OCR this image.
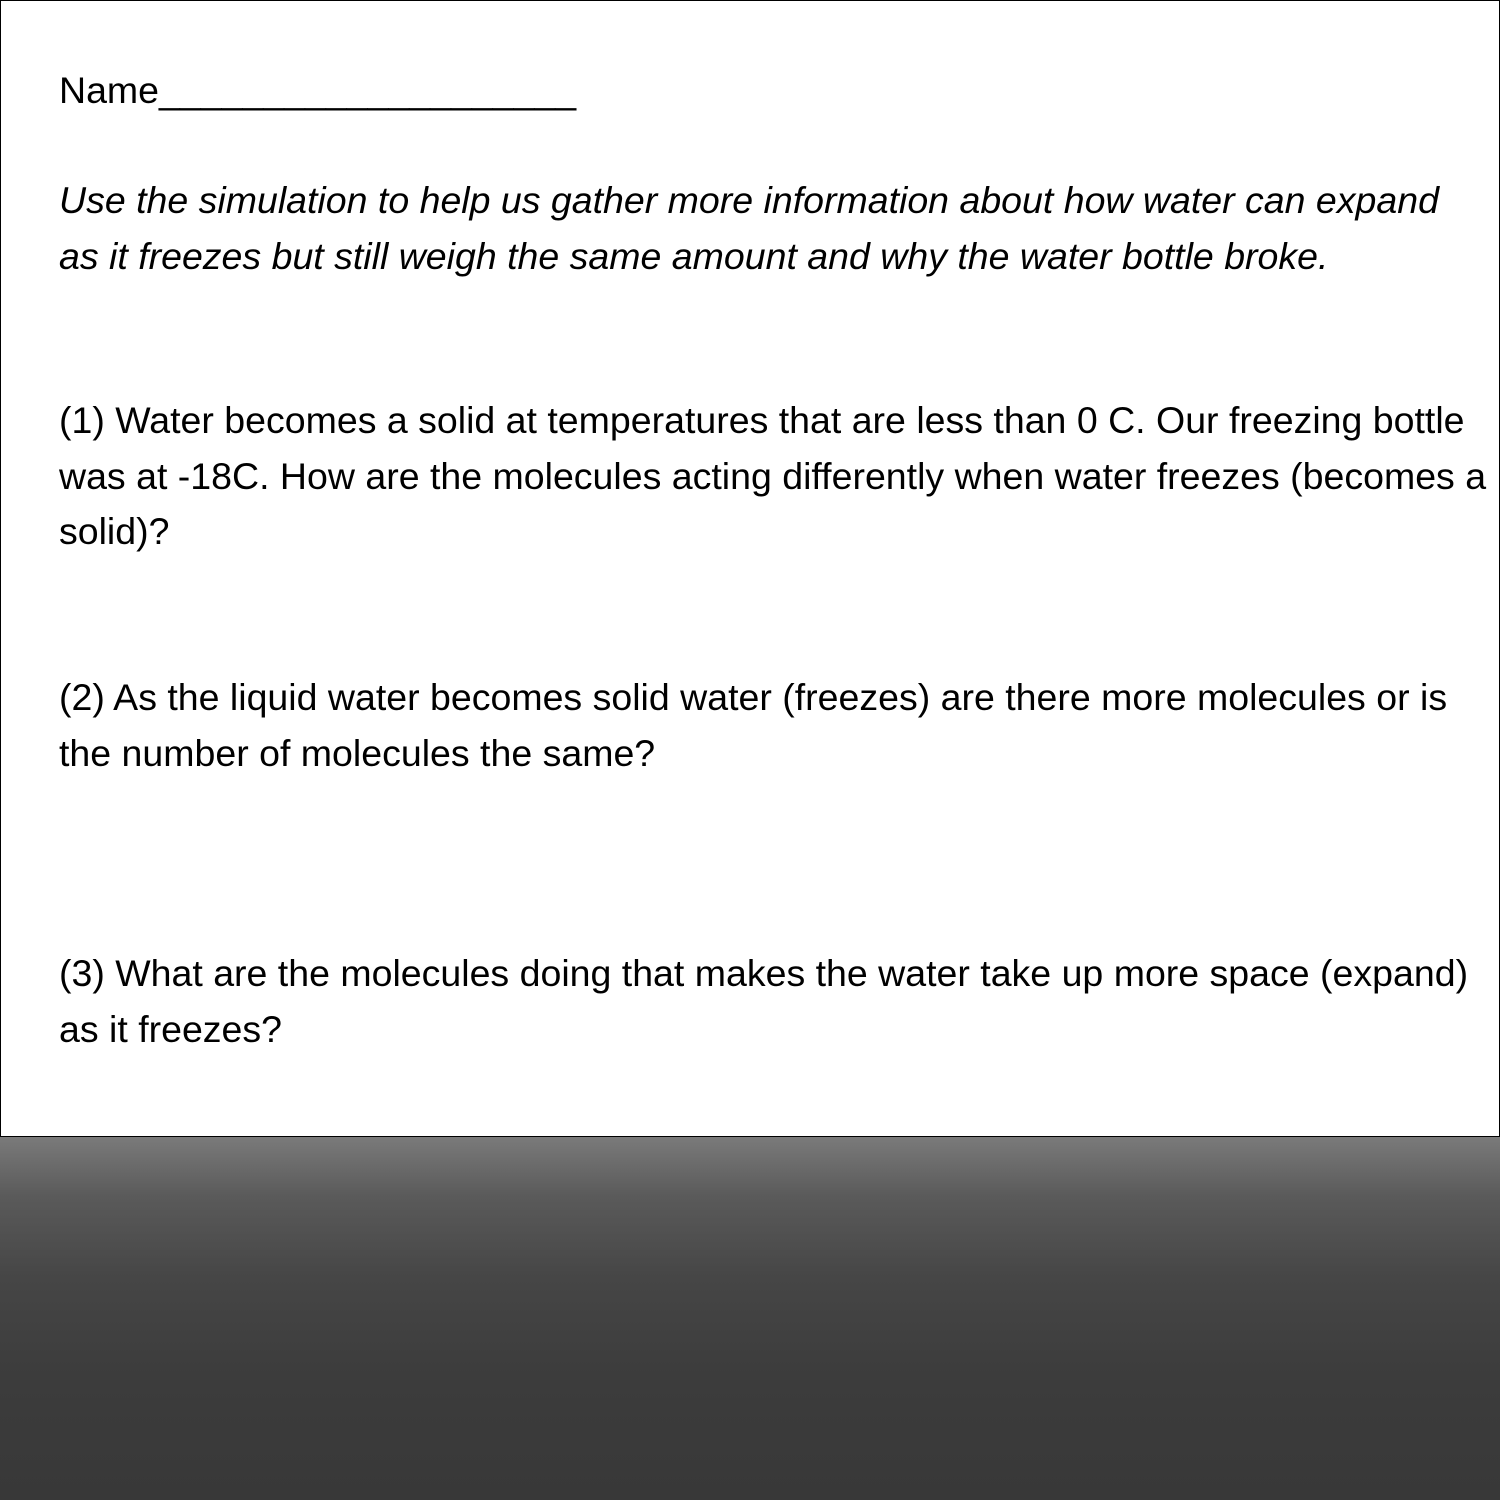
Name____________________

Use the simulation to help us gather more information about how water can expand as it freezes but still weigh the same amount and why the water bottle broke.

(1) Water becomes a solid at temperatures that are less than 0 C. Our freezing bottle was at -18C. How are the molecules acting differently when water freezes (becomes a solid)?

(2) As the liquid water becomes solid water (freezes) are there more molecules or is the number of molecules the same?

(3) What are the molecules doing that makes the water take up more space (expand) as it freezes?
